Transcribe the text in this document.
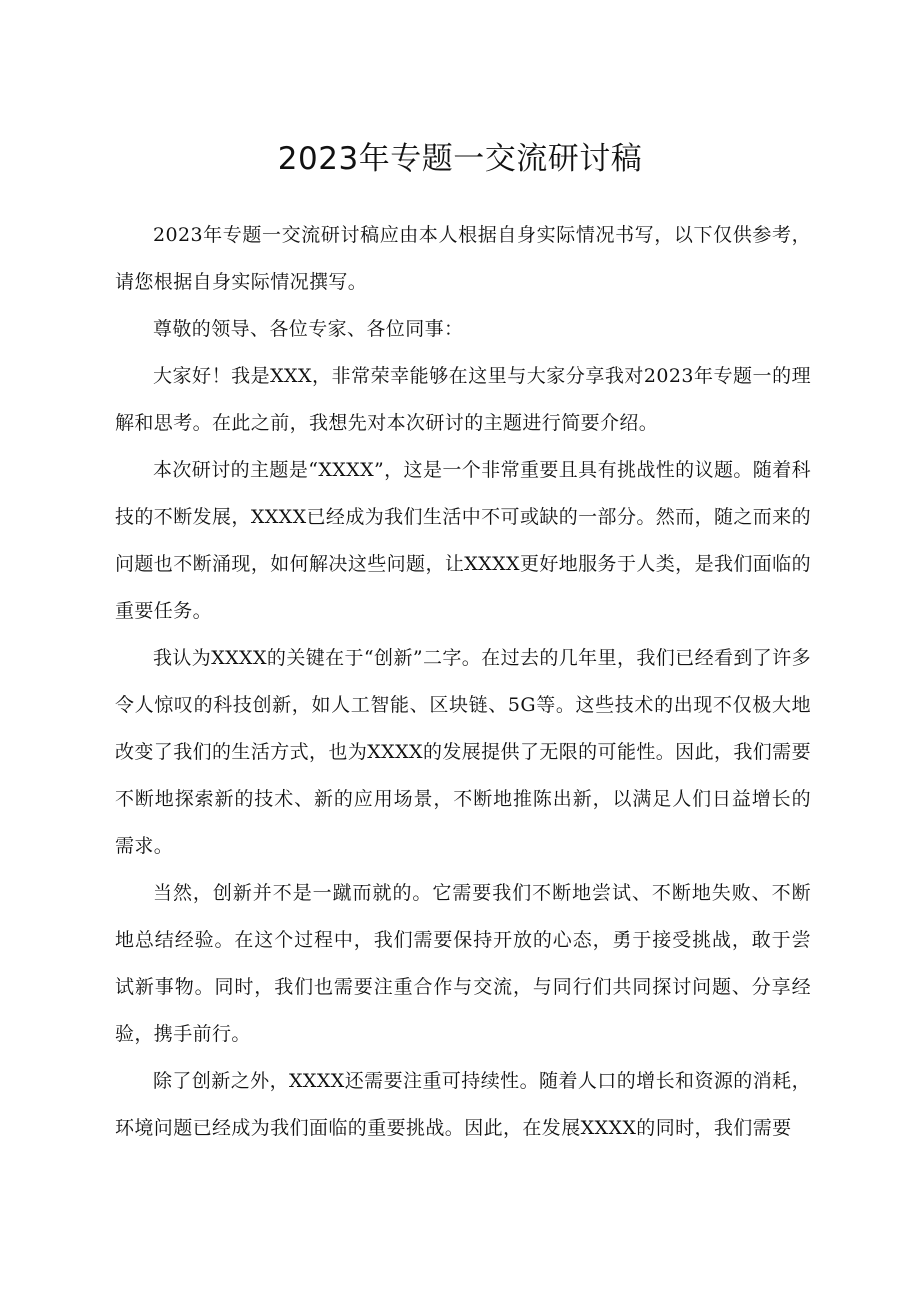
2023年专题一交流研讨稿

2023年专题一交流研讨稿应由本人根据自身实际情况书写，以下仅供参考，请您根据自身实际情况撰写。

尊敬的领导、各位专家、各位同事：

大家好！我是XXX，非常荣幸能够在这里与大家分享我对2023年专题一的理解和思考。在此之前，我想先对本次研讨的主题进行简要介绍。

本次研讨的主题是“XXXX”，这是一个非常重要且具有挑战性的议题。随着科技的不断发展，XXXX已经成为我们生活中不可或缺的一部分。然而，随之而来的问题也不断涌现，如何解决这些问题，让XXXX更好地服务于人类，是我们面临的重要任务。

我认为XXXX的关键在于“创新”二字。在过去的几年里，我们已经看到了许多令人惊叹的科技创新，如人工智能、区块链、5G等。这些技术的出现不仅极大地改变了我们的生活方式，也为XXXX的发展提供了无限的可能性。因此，我们需要不断地探索新的技术、新的应用场景，不断地推陈出新，以满足人们日益增长的需求。

当然，创新并不是一蹴而就的。它需要我们不断地尝试、不断地失败、不断地总结经验。在这个过程中，我们需要保持开放的心态，勇于接受挑战，敢于尝试新事物。同时，我们也需要注重合作与交流，与同行们共同探讨问题、分享经验，携手前行。

除了创新之外，XXXX还需要注重可持续性。随着人口的增长和资源的消耗，环境问题已经成为我们面临的重要挑战。因此，在发展XXXX的同时，我们需要
